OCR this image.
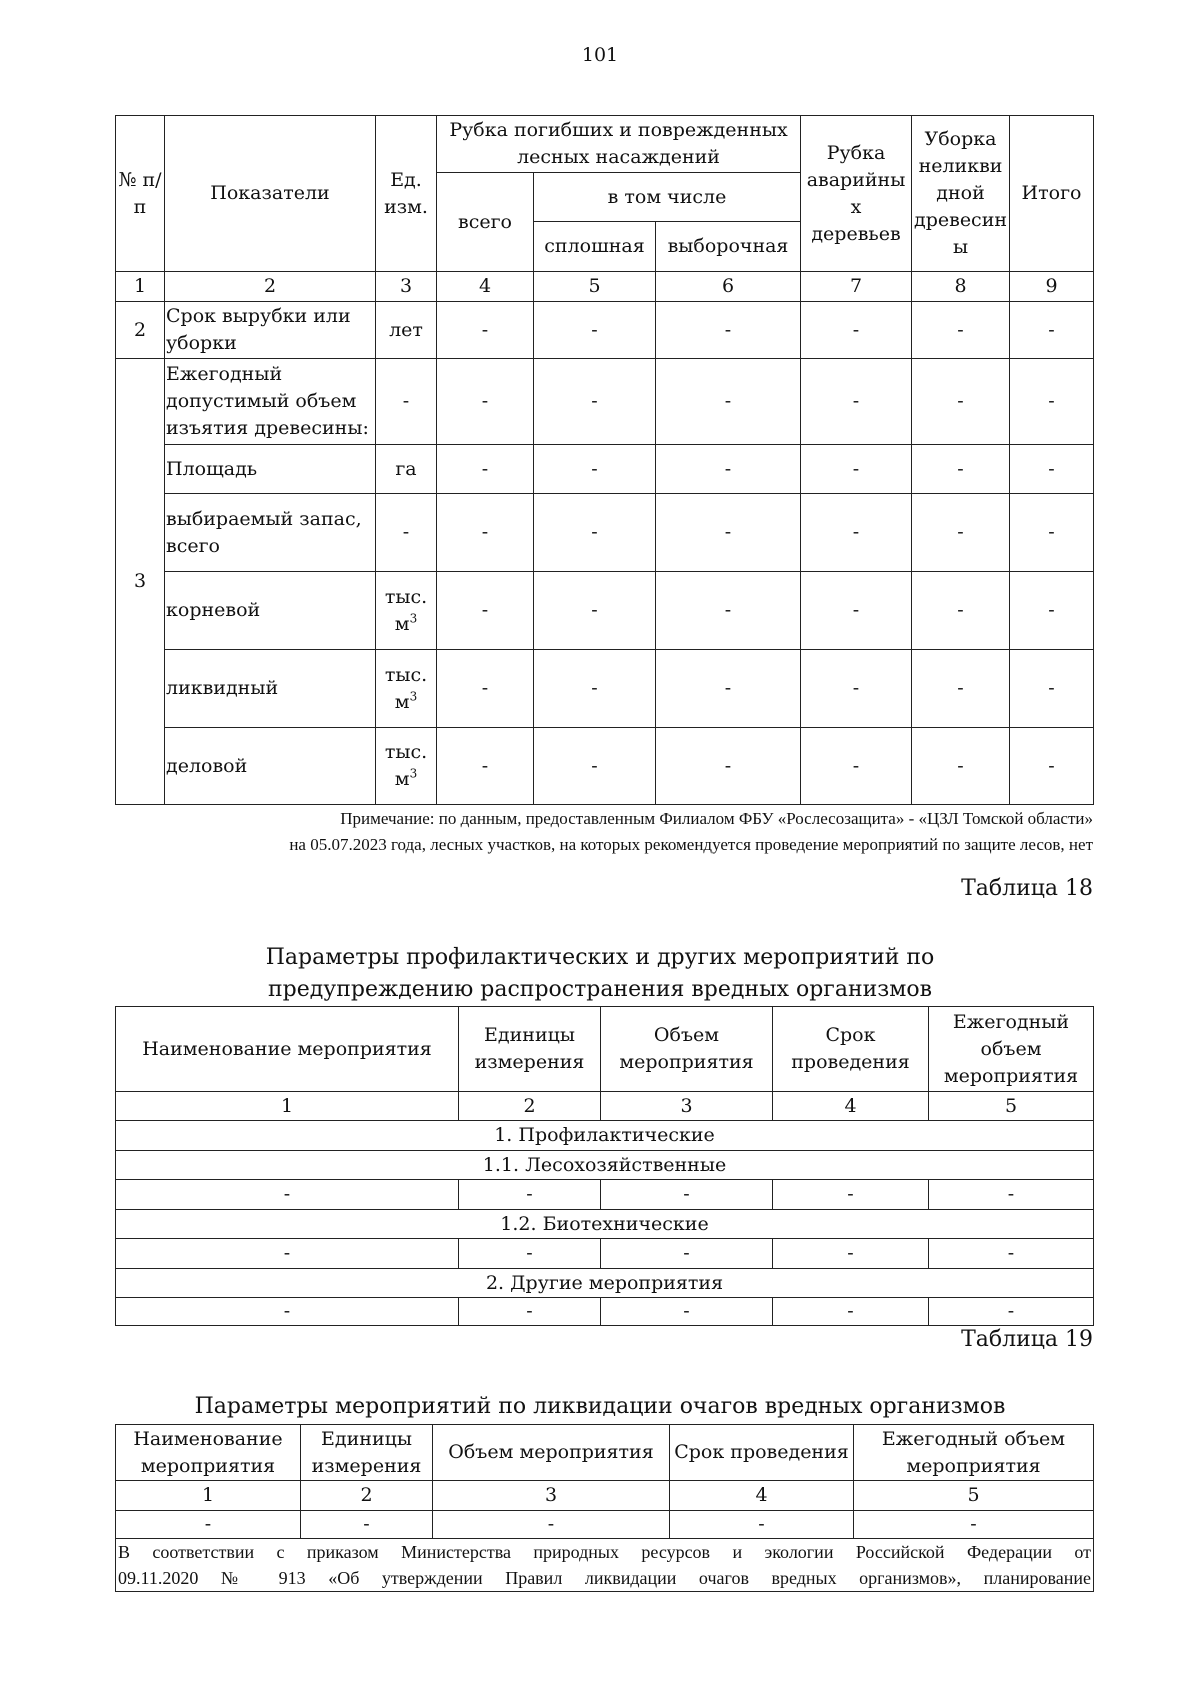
101
№ п/п	Показатели	Ед. изм.	Рубка погибших и поврежденных лесных насаждений			Рубка аварийны х деревьев	Уборка неликви дной древесин ы	Итого
			всего	в том числе				
				сплошная	выборочная			
1	2	3	4	5	6	7	8	9
2	Срок вырубки или уборки	лет	-	-	-	-	-	-
3	Ежегодный допустимый объем изъятия древесины:	-	-	-	-	-	-	-
	Площадь	га	-	-	-	-	-	-
	выбираемый запас, всего	-	-	-	-	-	-	-
	корневой	тыс. $м^3$	-	-	-	-	-	-
	ликвидный	тыс. $м^3$	-	-	-	-	-	-
	деловой	тыс. $м^3$	-	-	-	-	-	-
Примечание: по данным, предоставленным Филиалом ФБУ «Рослесозащита» - «ЦЗЛ Томской области»
на 05.07.2023 года, лесных участков, на которых рекомендуется проведение мероприятий по защите лесов, нет
Таблица 18
Параметры профилактических и других мероприятий по
предупреждению распространения вредных организмов
Наименование мероприятия	Единицы измерения	Объем мероприятия	Срок проведения	Ежегодный объем мероприятия
1	2	3	4	5
1. Профилактические				
1.1. Лесохозяйственные				
-	-	-	-	-
1.2. Биотехнические				
-	-	-	-	-
2. Другие мероприятия				
-	-	-	-	-
Таблица 19
Параметры мероприятий по ликвидации очагов вредных организмов
Наименование мероприятия	Единицы измерения	Объем мероприятия	Срок проведения	Ежегодный объем мероприятия
1	2	3	4	5
-	-	-	-	-

В соответствии с приказом Министерства природных ресурсов и экологии Российской Федерации от
09.11.2020 № 913 «Об утверждении Правил ликвидации очагов вредных организмов», планирование				
